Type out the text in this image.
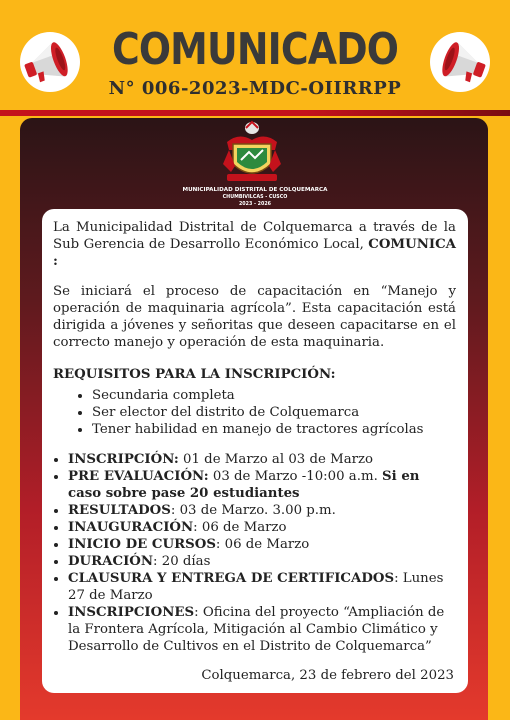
COMUNICADO
N° 006-2023-MDC-OIIRRPP
MUNICIPALIDAD DISTRITAL DE COLQUEMARCA
CHUMBIVILCAS - CUSCO
2023 - 2026

La Municipalidad Distrital de Colquemarca a través de la Sub Gerencia de Desarrollo Económico Local, COMUNICA :

Se iniciará el proceso de capacitación en “Manejo y operación de maquinaria agrícola”. Esta capacitación está dirigida a jóvenes y señoritas que deseen capacitarse en el correcto manejo y operación de esta maquinaria.

REQUISITOS PARA LA INSCRIPCIÓN:
• Secundaria completa
• Ser elector del distrito de Colquemarca
• Tener habilidad en manejo de tractores agrícolas
• INSCRIPCIÓN: 01 de Marzo al 03 de Marzo
• PRE EVALUACIÓN: 03 de Marzo -10:00 a.m. Si en caso sobre pase 20 estudiantes
• RESULTADOS: 03 de Marzo. 3.00 p.m.
• INAUGURACIÓN: 06 de Marzo
• INICIO DE CURSOS: 06 de Marzo
• DURACIÓN: 20 días
• CLAUSURA Y ENTREGA DE CERTIFICADOS: Lunes 27 de Marzo
• INSCRIPCIONES: Oficina del proyecto “Ampliación de la Frontera Agrícola, Mitigación al Cambio Climático y Desarrollo de Cultivos en el Distrito de Colquemarca”
Colquemarca, 23 de febrero del 2023
